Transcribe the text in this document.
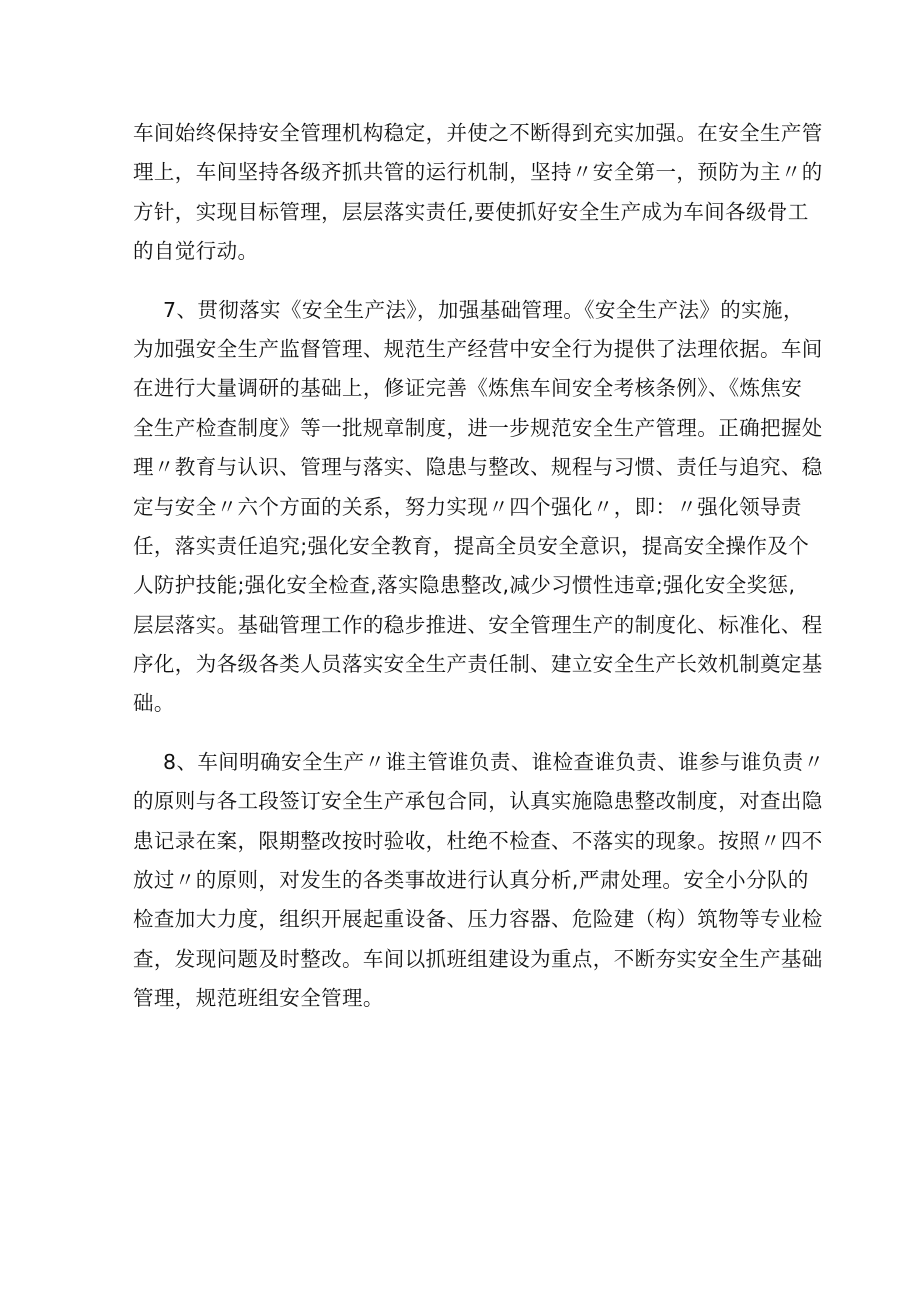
车间始终保持安全管理机构稳定，并使之不断得到充实加强。在安全生产管
理上，车间坚持各级齐抓共管的运行机制，坚持〃安全第一，预防为主〃的
方针，实现目标管理，层层落实责任,要使抓好安全生产成为车间各级骨工
的自觉行动。
7、贯彻落实《安全生产法》，加强基础管理。《安全生产法》的实施，
为加强安全生产监督管理、规范生产经营中安全行为提供了法理依据。车间
在进行大量调研的基础上，修证完善《炼焦车间安全考核条例》、《炼焦安
全生产检查制度》等一批规章制度，进一步规范安全生产管理。正确把握处
理〃教育与认识、管理与落实、隐患与整改、规程与习惯、责任与追究、稳
定与安全〃六个方面的关系，努力实现〃四个强化〃，即：〃强化领导责
任，落实责任追究;强化安全教育，提高全员安全意识，提高安全操作及个
人防护技能;强化安全检查,落实隐患整改,减少习惯性违章;强化安全奖惩,
层层落实。基础管理工作的稳步推进、安全管理生产的制度化、标准化、程
序化，为各级各类人员落实安全生产责任制、建立安全生产长效机制奠定基
础。
8、车间明确安全生产〃谁主管谁负责、谁检查谁负责、谁参与谁负责〃
的原则与各工段签订安全生产承包合同，认真实施隐患整改制度，对查出隐
患记录在案，限期整改按时验收，杜绝不检查、不落实的现象。按照〃四不
放过〃的原则，对发生的各类事故进行认真分析,严肃处理。安全小分队的
检查加大力度，组织开展起重设备、压力容器、危险建（构）筑物等专业检
查，发现问题及时整改。车间以抓班组建设为重点，不断夯实安全生产基础
管理，规范班组安全管理。
